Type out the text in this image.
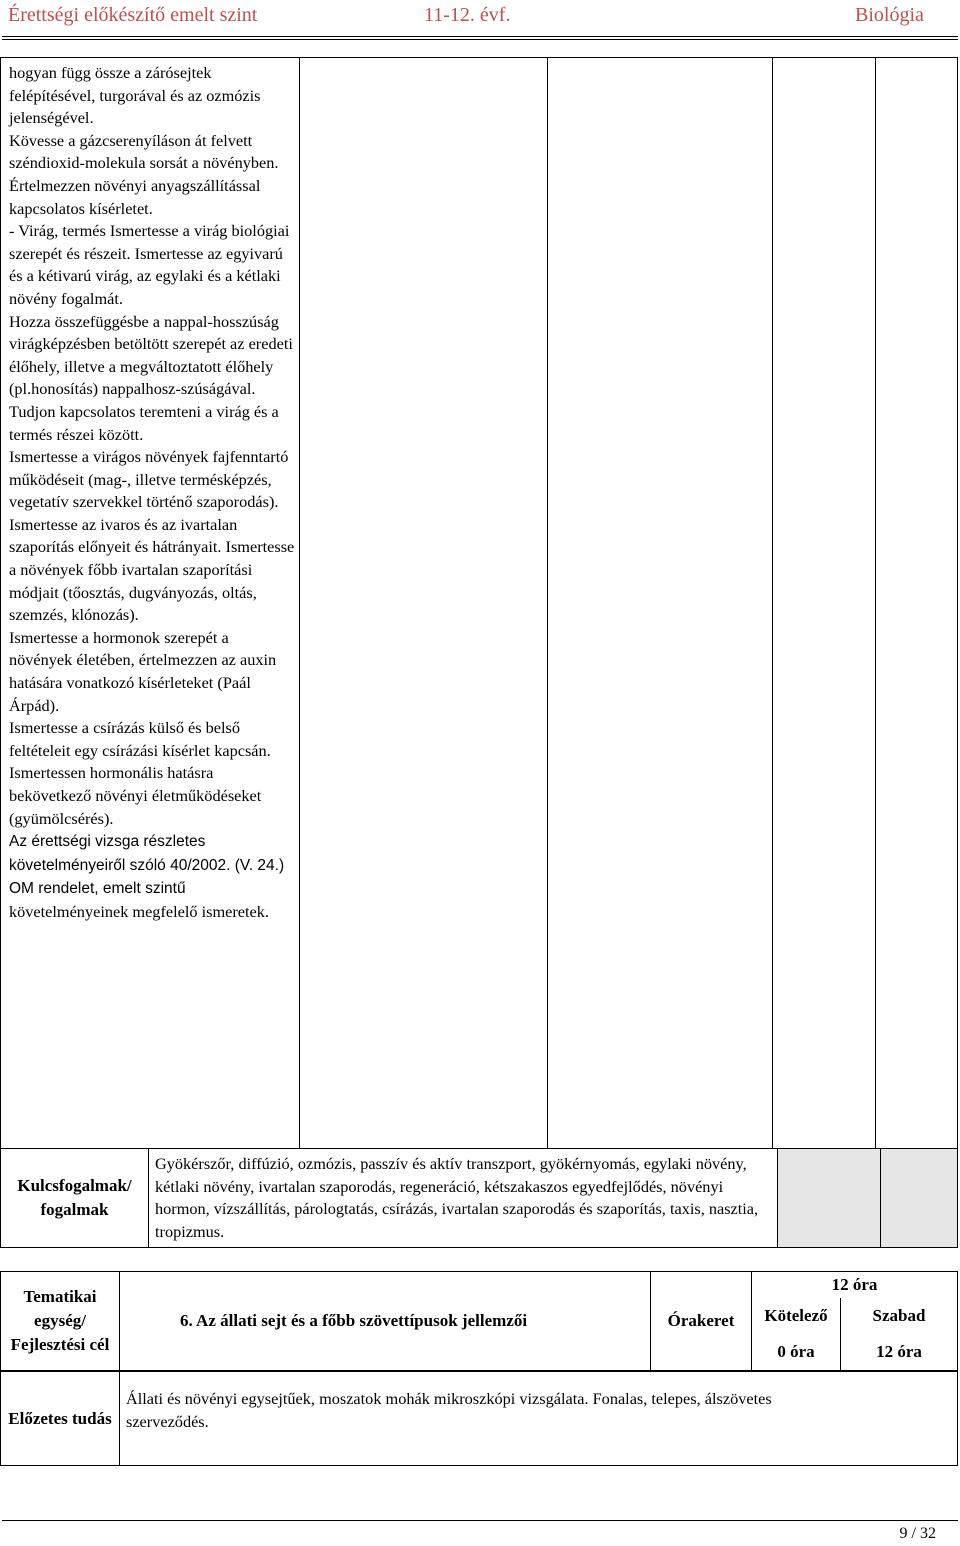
Érettségi előkészítő emelt szint	11-12. évf.	Biológia

hogyan függ össze a zárósejtek felépítésével, turgorával és az ozmózis jelenségével.

Kövesse a gázcserenyíláson át felvett széndioxid-molekula sorsát a növényben.

Értelmezzen növényi anyagszállítással kapcsolatos kísérletet.

- Virág, termés Ismertesse a virág biológiai szerepét és részeit. Ismertesse az egyivarú és a kétivarú virág, az egylaki és a kétlaki növény fogalmát.

Hozza összefüggésbe a nappal-hosszúság virágképzésben betöltött szerepét az eredeti élőhely, illetve a megváltoztatott élőhely (pl.honosítás) nappalhosz-szúságával.

Tudjon kapcsolatos teremteni a virág és a termés részei között.

Ismertesse a virágos növények fajfenntartó működéseit (mag-, illetve termésképzés, vegetatív szervekkel történő szaporodás).

Ismertesse az ivaros és az ivartalan szaporítás előnyeit és hátrányait. Ismertesse a növények főbb ivartalan szaporítási módjait (tőosztás, dugványozás, oltás, szemzés, klónozás).

Ismertesse a hormonok szerepét a növények életében, értelmezzen az auxin hatására vonatkozó kísérleteket (Paál Árpád).

Ismertesse a csírázás külső és belső feltételeit egy csírázási kísérlet kapcsán.

Ismertessen hormonális hatásra bekövetkező növényi életműködéseket (gyümölcsérés).

Az érettségi vizsga részletes követelményeiről szóló 40/2002. (V. 24.) OM rendelet, emelt szintű követelményeinek megfelelő ismeretek.

Kulcsfogalmak/ fogalmak	Gyökérszőr, diffúzió, ozmózis, passzív és aktív transzport, gyökérnyomás, egylaki növény, kétlaki növény, ivartalan szaporodás, regeneráció, kétszakaszos egyedfejlődés, növényi hormon, vízszállítás, párologtatás, csírázás, ivartalan szaporodás és szaporítás, taxis, nasztia, tropizmus.		
Tematikai egység/ Fejlesztési cél	6. Az állati sejt és a főbb szövettípusok jellemzői	Órakeret	12 óra	
			Kötelező	Szabad
			0 óra	12 óra
Előzetes tudás	Állati és növényi egysejtűek, moszatok mohák mikroszkópi vizsgálata. Fonalas, telepes, álszövetes szerveződés.
9 / 32
